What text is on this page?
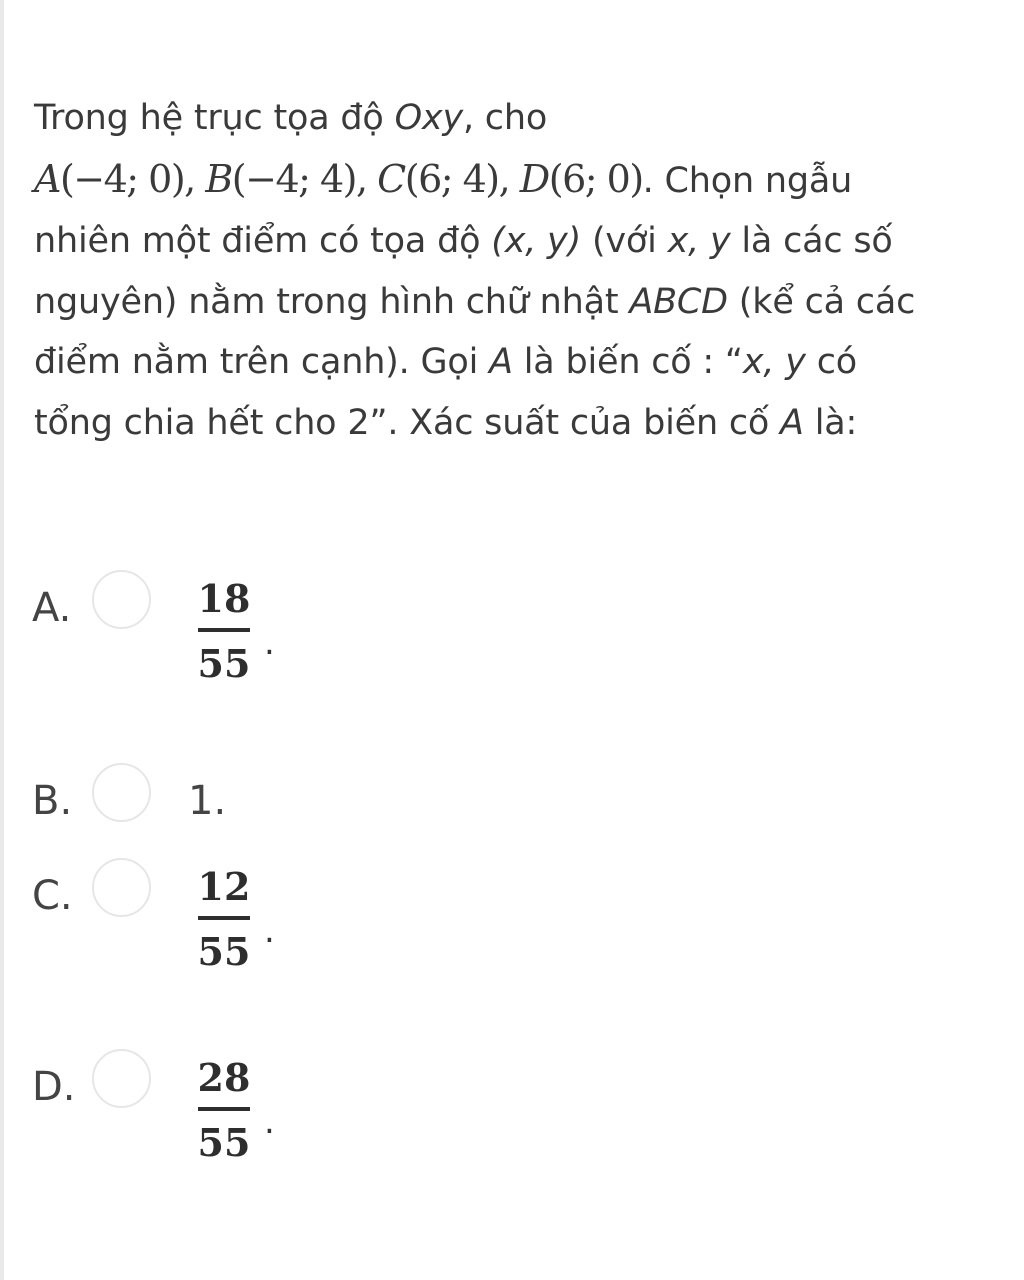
Trong hệ trục tọa độ Oxy, cho

A(−4; 0), B(−4; 4), C(6; 4), D(6; 0). Chọn ngẫu

nhiên một điểm có tọa độ (x, y) (với x, y là các số

nguyên) nằm trong hình chữ nhật ABCD (kể cả các

điểm nằm trên cạnh). Gọi A là biến cố : “x, y có

tổng chia hết cho 2”. Xác suất của biến cố A là:

A.	18
55 .
B.	1.
C.	12
55 .
D.	28
55 .
